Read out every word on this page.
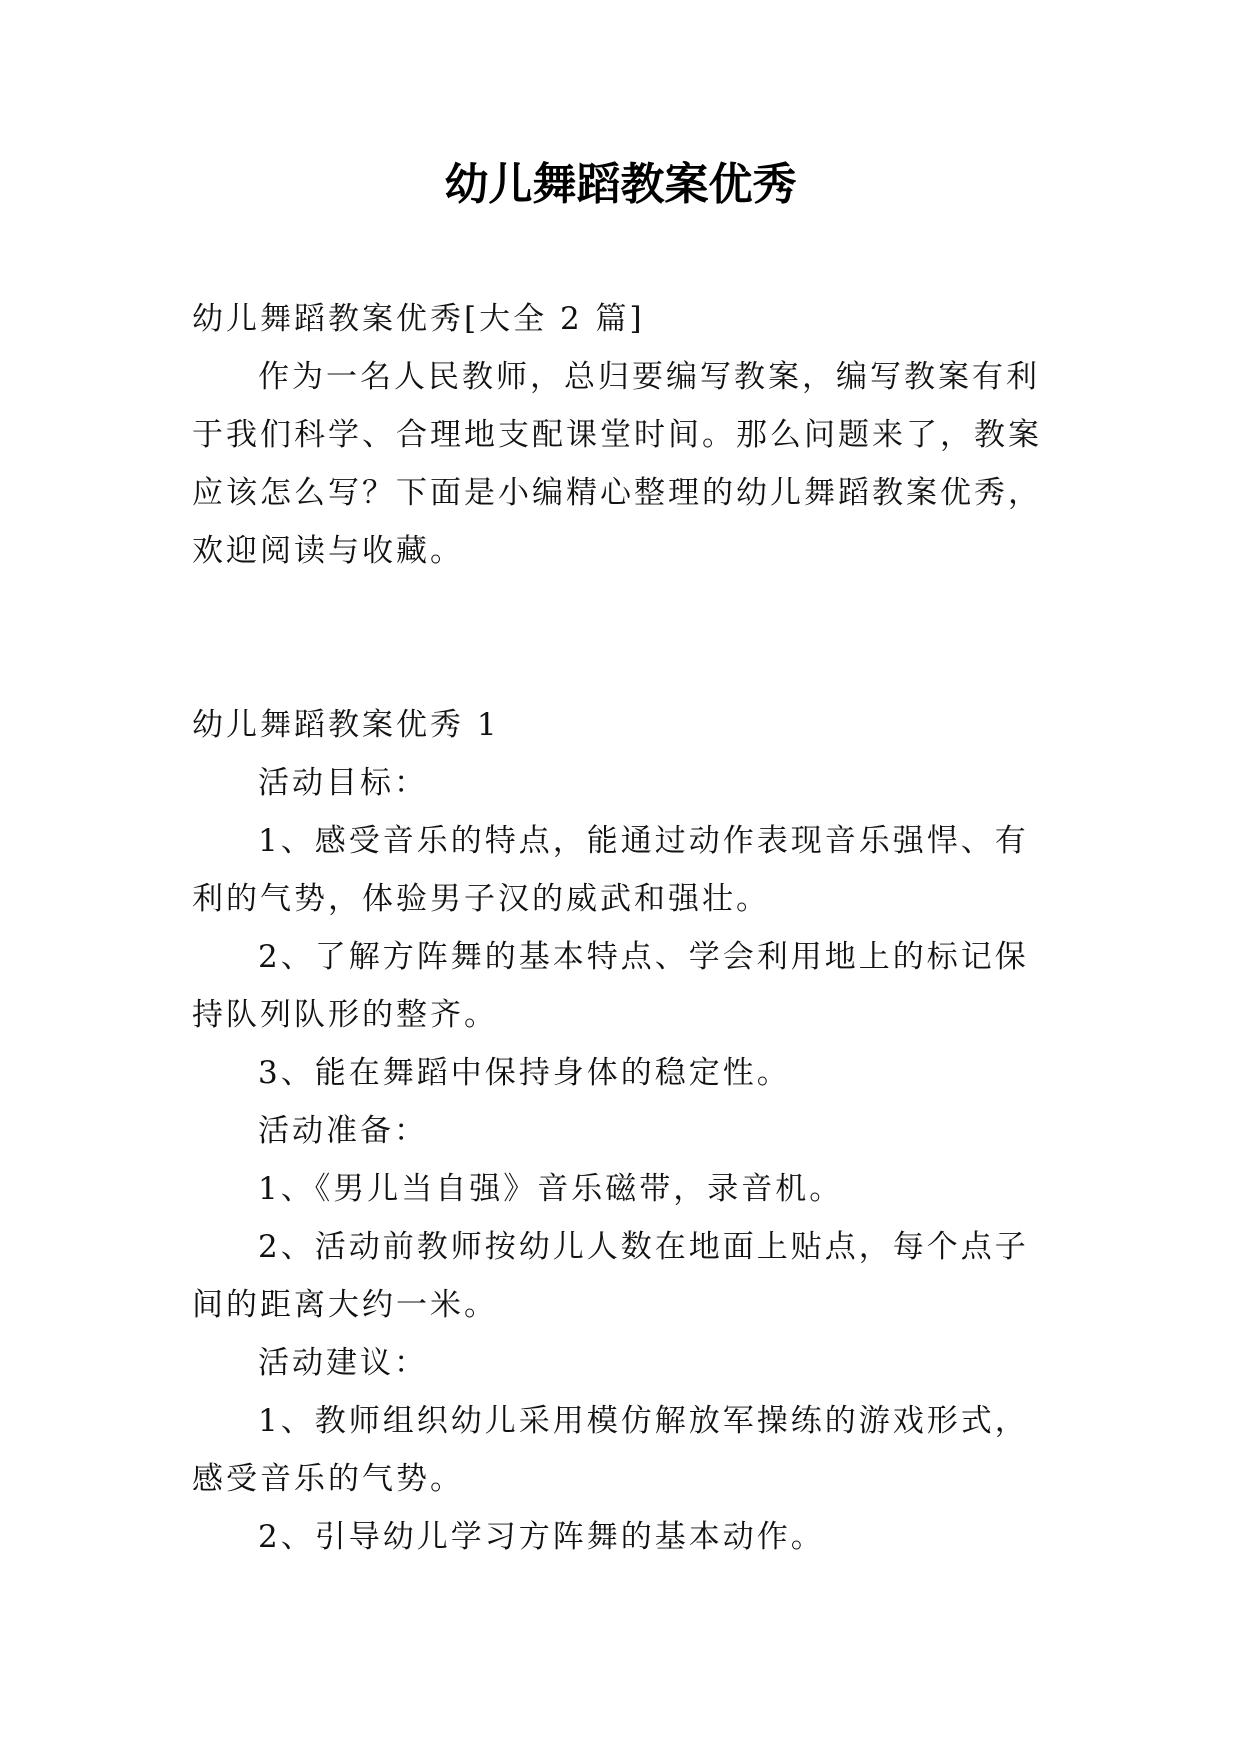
幼儿舞蹈教案优秀

幼儿舞蹈教案优秀[大全 2 篇]

作为一名人民教师，总归要编写教案，编写教案有利于我们科学、合理地支配课堂时间。那么问题来了，教案应该怎么写？下面是小编精心整理的幼儿舞蹈教案优秀，欢迎阅读与收藏。

幼儿舞蹈教案优秀 1

活动目标：

1、感受音乐的特点，能通过动作表现音乐强悍、有利的气势，体验男子汉的威武和强壮。

2、了解方阵舞的基本特点、学会利用地上的标记保持队列队形的整齐。

3、能在舞蹈中保持身体的稳定性。

活动准备：

1、《男儿当自强》音乐磁带，录音机。

2、活动前教师按幼儿人数在地面上贴点，每个点子间的距离大约一米。

活动建议：

1、教师组织幼儿采用模仿解放军操练的游戏形式，感受音乐的气势。

2、引导幼儿学习方阵舞的基本动作。
